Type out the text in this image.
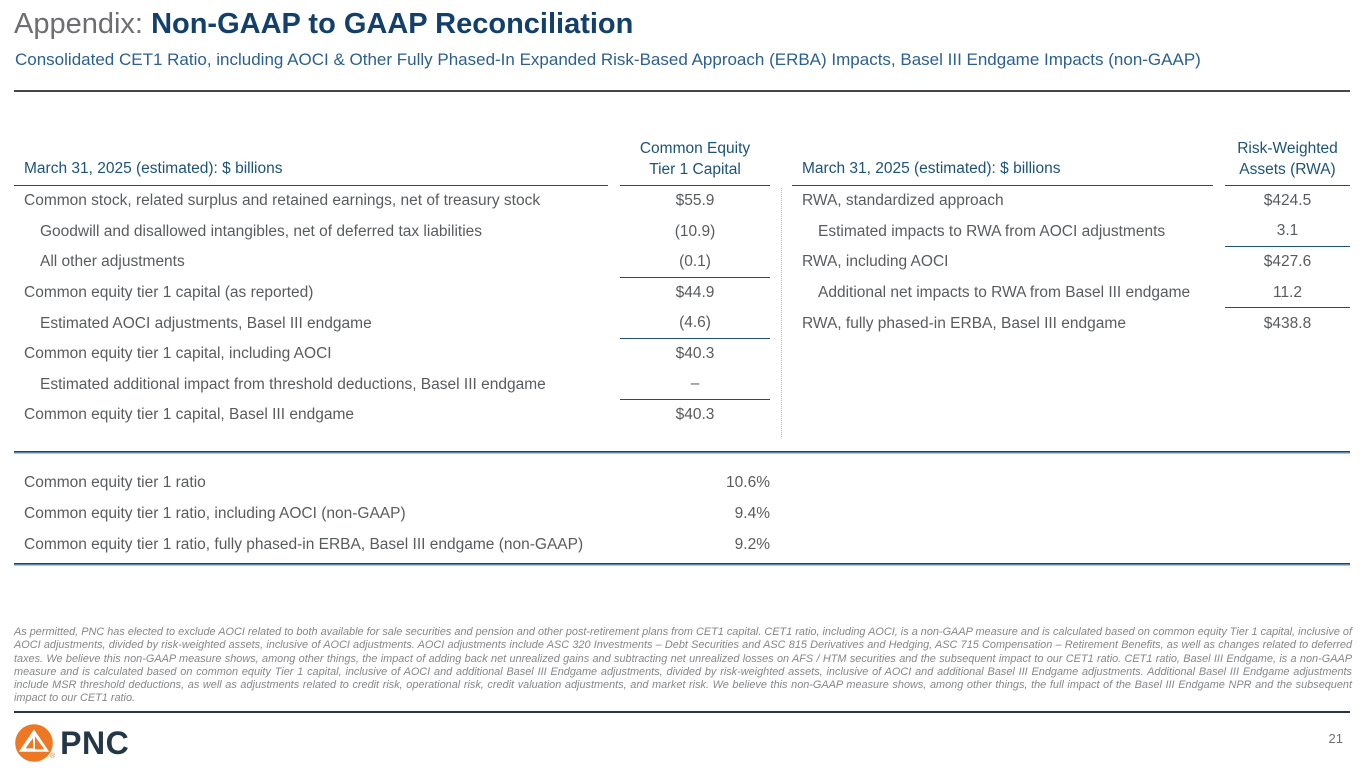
Appendix: Non-GAAP to GAAP Reconciliation
Consolidated CET1 Ratio, including AOCI & Other Fully Phased-In Expanded Risk-Based Approach (ERBA) Impacts, Basel III Endgame Impacts (non-GAAP)
March 31, 2025 (estimated): $ billions
Common Equity
Tier 1 Capital
Common stock, related surplus and retained earnings, net of treasury stock	$55.9
Goodwill and disallowed intangibles, net of deferred tax liabilities	(10.9)
All other adjustments	(0.1)
Common equity tier 1 capital (as reported)	$44.9
Estimated AOCI adjustments, Basel III endgame	(4.6)
Common equity tier 1 capital, including AOCI	$40.3
Estimated additional impact from threshold deductions, Basel III endgame	–
Common equity tier 1 capital, Basel III endgame	$40.3
March 31, 2025 (estimated): $ billions
Risk-Weighted
Assets (RWA)
RWA, standardized approach	$424.5
Estimated impacts to RWA from AOCI adjustments	3.1
RWA, including AOCI	$427.6
Additional net impacts to RWA from Basel III endgame	11.2
RWA, fully phased-in ERBA, Basel III endgame	$438.8
Common equity tier 1 ratio	10.6%
Common equity tier 1 ratio, including AOCI (non-GAAP)	9.4%
Common equity tier 1 ratio, fully phased-in ERBA, Basel III endgame (non-GAAP)	9.2%
As permitted, PNC has elected to exclude AOCI related to both available for sale securities and pension and other post-retirement plans from CET1 capital. CET1 ratio, including AOCI, is a non-GAAP measure and is calculated based on common equity Tier 1 capital, inclusive of AOCI adjustments, divided by risk-weighted assets, inclusive of AOCI adjustments. AOCI adjustments include ASC 320 Investments – Debt Securities and ASC 815 Derivatives and Hedging, ASC 715 Compensation – Retirement Benefits, as well as changes related to deferred taxes. We believe this non-GAAP measure shows, among other things, the impact of adding back net unrealized gains and subtracting net unrealized losses on AFS / HTM securities and the subsequent impact to our CET1 ratio. CET1 ratio, Basel III Endgame, is a non-GAAP measure and is calculated based on common equity Tier 1 capital, inclusive of AOCI and additional Basel III Endgame adjustments, divided by risk-weighted assets, inclusive of AOCI and additional Basel III Endgame adjustments. Additional Basel III Endgame adjustments include MSR threshold deductions, as well as adjustments related to credit risk, operational risk, credit valuation adjustments, and market risk. We believe this non-GAAP measure shows, among other things, the full impact of the Basel III Endgame NPR and the subsequent impact to our CET1 ratio.
® PNC	21
